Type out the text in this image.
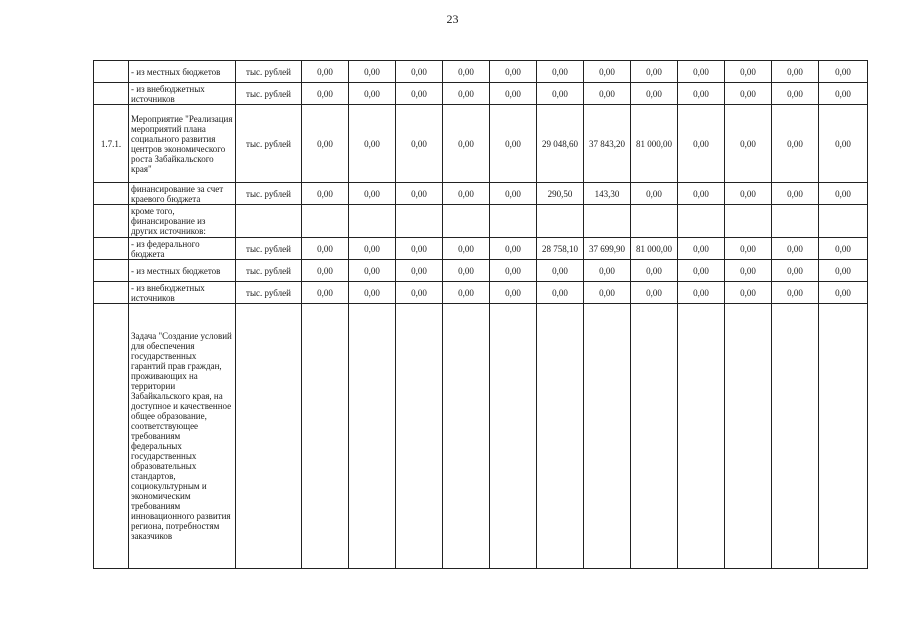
23
	- из местных бюджетов	тыс. рублей	0,00	0,00	0,00	0,00	0,00	0,00	0,00	0,00	0,00	0,00	0,00	0,00
	- из внебюджетных источников	тыс. рублей	0,00	0,00	0,00	0,00	0,00	0,00	0,00	0,00	0,00	0,00	0,00	0,00
1.7.1.	Мероприятие "Реализация мероприятий плана социального развития центров экономического роста Забайкальского края"	тыс. рублей	0,00	0,00	0,00	0,00	0,00	29 048,60	37 843,20	81 000,00	0,00	0,00	0,00	0,00
	финансирование за счет краевого бюджета	тыс. рублей	0,00	0,00	0,00	0,00	0,00	290,50	143,30	0,00	0,00	0,00	0,00	0,00
	кроме того, финансирование из других источников:													
	- из федерального бюджета	тыс. рублей	0,00	0,00	0,00	0,00	0,00	28 758,10	37 699,90	81 000,00	0,00	0,00	0,00	0,00
	- из местных бюджетов	тыс. рублей	0,00	0,00	0,00	0,00	0,00	0,00	0,00	0,00	0,00	0,00	0,00	0,00
	- из внебюджетных источников	тыс. рублей	0,00	0,00	0,00	0,00	0,00	0,00	0,00	0,00	0,00	0,00	0,00	0,00
	Задача "Создание условий для обеспечения государственных гарантий прав граждан, проживающих на территории Забайкальского края, на доступное и качественное общее образование, соответствующее требованиям федеральных государственных образовательных стандартов, социокультурным и экономическим требованиям инновационного развития региона, потребностям заказчиков													
